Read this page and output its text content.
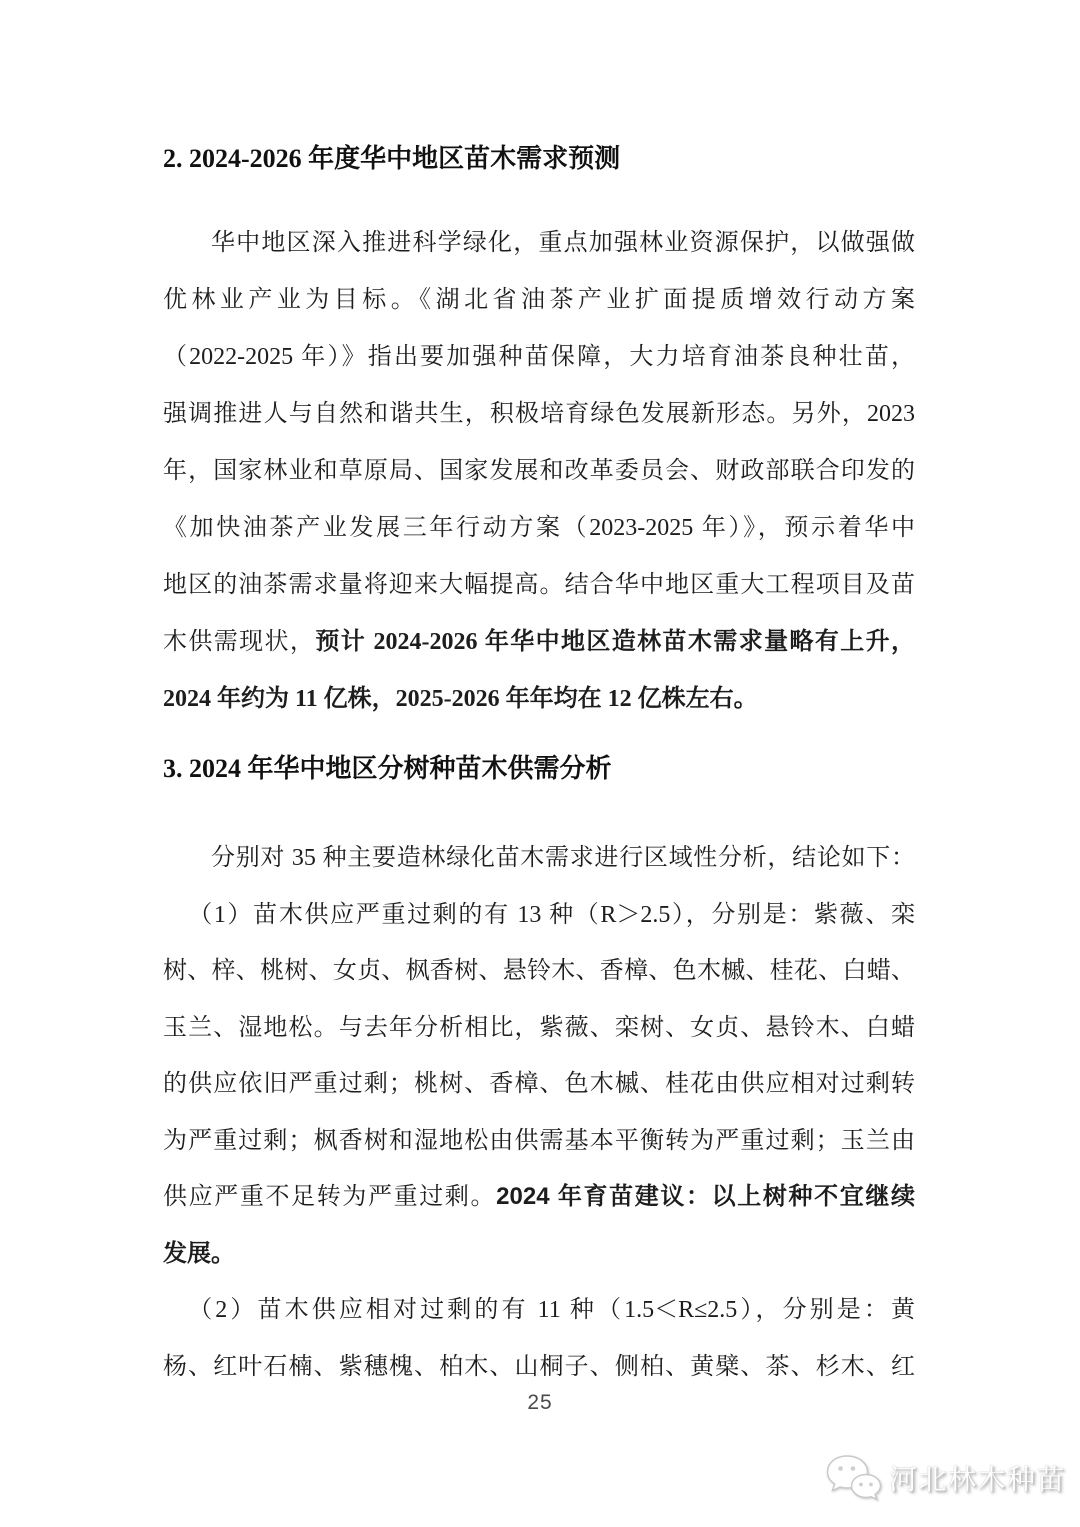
2. 2024-2026 年度华中地区苗木需求预测
华中地区深入推进科学绿化，重点加强林业资源保护，以做强做
优林业产业为目标。《湖北省油茶产业扩面提质增效行动方案
（2022-2025 年）》指出要加强种苗保障，大力培育油茶良种壮苗，
强调推进人与自然和谐共生，积极培育绿色发展新形态。另外，2023
年，国家林业和草原局、国家发展和改革委员会、财政部联合印发的
《加快油茶产业发展三年行动方案（2023-2025 年）》，预示着华中
地区的油茶需求量将迎来大幅提高。结合华中地区重大工程项目及苗
木供需现状，预计 2024-2026 年华中地区造林苗木需求量略有上升，
2024 年约为 11 亿株，2025-2026 年年均在 12 亿株左右。
3. 2024 年华中地区分树种苗木供需分析
分别对 35 种主要造林绿化苗木需求进行区域性分析，结论如下：
（1）苗木供应严重过剩的有 13 种（R＞2.5），分别是：紫薇、栾
树、梓、桃树、女贞、枫香树、悬铃木、香樟、色木槭、桂花、白蜡、
玉兰、湿地松。与去年分析相比，紫薇、栾树、女贞、悬铃木、白蜡
的供应依旧严重过剩；桃树、香樟、色木槭、桂花由供应相对过剩转
为严重过剩；枫香树和湿地松由供需基本平衡转为严重过剩；玉兰由
供应严重不足转为严重过剩。2024 年育苗建议：以上树种不宜继续
发展。
（2）苗木供应相对过剩的有 11 种（1.5＜R≤2.5），分别是：黄
杨、红叶石楠、紫穗槐、柏木、山桐子、侧柏、黄檗、茶、杉木、红
25
河北林木种苗
